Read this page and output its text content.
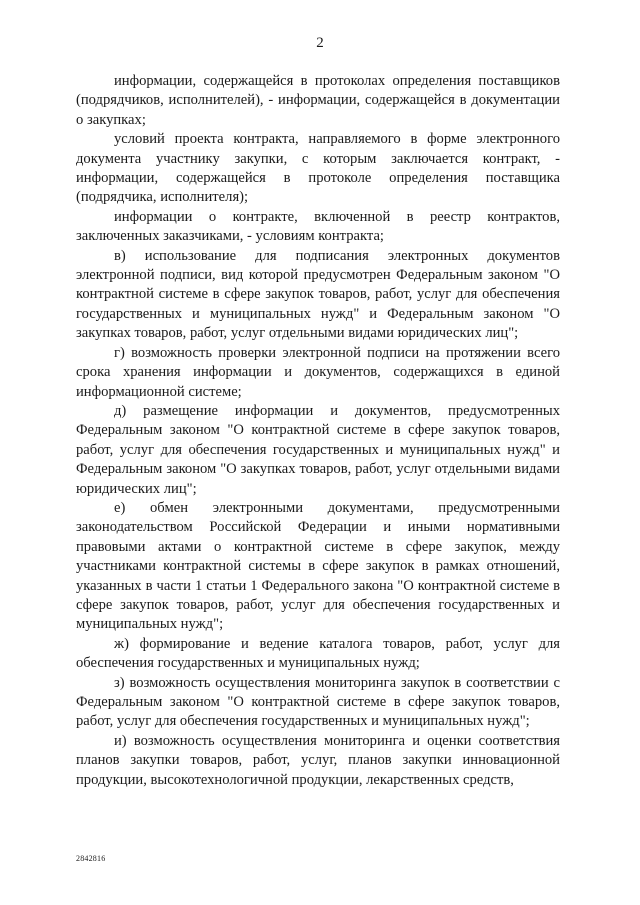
2

информации, содержащейся в протоколах определения поставщиков (подрядчиков, исполнителей), - информации, содержащейся в документации о закупках;

условий проекта контракта, направляемого в форме электронного документа участнику закупки, с которым заключается контракт, - информации, содержащейся в протоколе определения поставщика (подрядчика, исполнителя);

информации о контракте, включенной в реестр контрактов, заключенных заказчиками, - условиям контракта;

в) использование для подписания электронных документов электронной подписи, вид которой предусмотрен Федеральным законом "О контрактной системе в сфере закупок товаров, работ, услуг для обеспечения государственных и муниципальных нужд" и Федеральным законом "О закупках товаров, работ, услуг отдельными видами юридических лиц";

г) возможность проверки электронной подписи на протяжении всего срока хранения информации и документов, содержащихся в единой информационной системе;

д) размещение информации и документов, предусмотренных Федеральным законом "О контрактной системе в сфере закупок товаров, работ, услуг для обеспечения государственных и муниципальных нужд" и Федеральным законом "О закупках товаров, работ, услуг отдельными видами юридических лиц";

е) обмен электронными документами, предусмотренными законодательством Российской Федерации и иными нормативными правовыми актами о контрактной системе в сфере закупок, между участниками контрактной системы в сфере закупок в рамках отношений, указанных в части 1 статьи 1 Федерального закона "О контрактной системе в сфере закупок товаров, работ, услуг для обеспечения государственных и муниципальных нужд";

ж) формирование и ведение каталога товаров, работ, услуг для обеспечения государственных и муниципальных нужд;

з) возможность осуществления мониторинга закупок в соответствии с Федеральным законом "О контрактной системе в сфере закупок товаров, работ, услуг для обеспечения государственных и муниципальных нужд";

и) возможность осуществления мониторинга и оценки соответствия планов закупки товаров, работ, услуг, планов закупки инновационной продукции, высокотехнологичной продукции, лекарственных средств,

2842816
